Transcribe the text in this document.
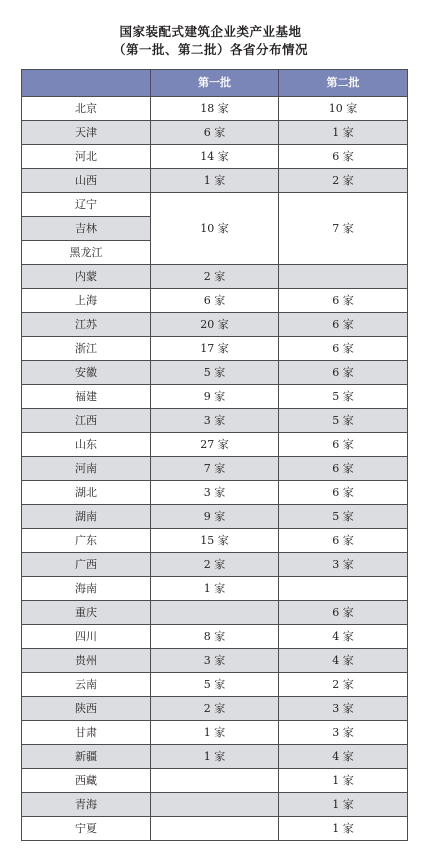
国家装配式建筑企业类产业基地
（第一批、第二批）各省分布情况
	第一批	第二批
北京	18 家	10 家
天津	6 家	1 家
河北	14 家	6 家
山西	1 家	2 家
辽宁	10 家	7 家
吉林		
黑龙江		
内蒙	2 家	
上海	6 家	6 家
江苏	20 家	6 家
浙江	17 家	6 家
安徽	5 家	6 家
福建	9 家	5 家
江西	3 家	5 家
山东	27 家	6 家
河南	7 家	6 家
湖北	3 家	6 家
湖南	9 家	5 家
广东	15 家	6 家
广西	2 家	3 家
海南	1 家	
重庆		6 家
四川	8 家	4 家
贵州	3 家	4 家
云南	5 家	2 家
陕西	2 家	3 家
甘肃	1 家	3 家
新疆	1 家	4 家
西藏		1 家
青海		1 家
宁夏		1 家
